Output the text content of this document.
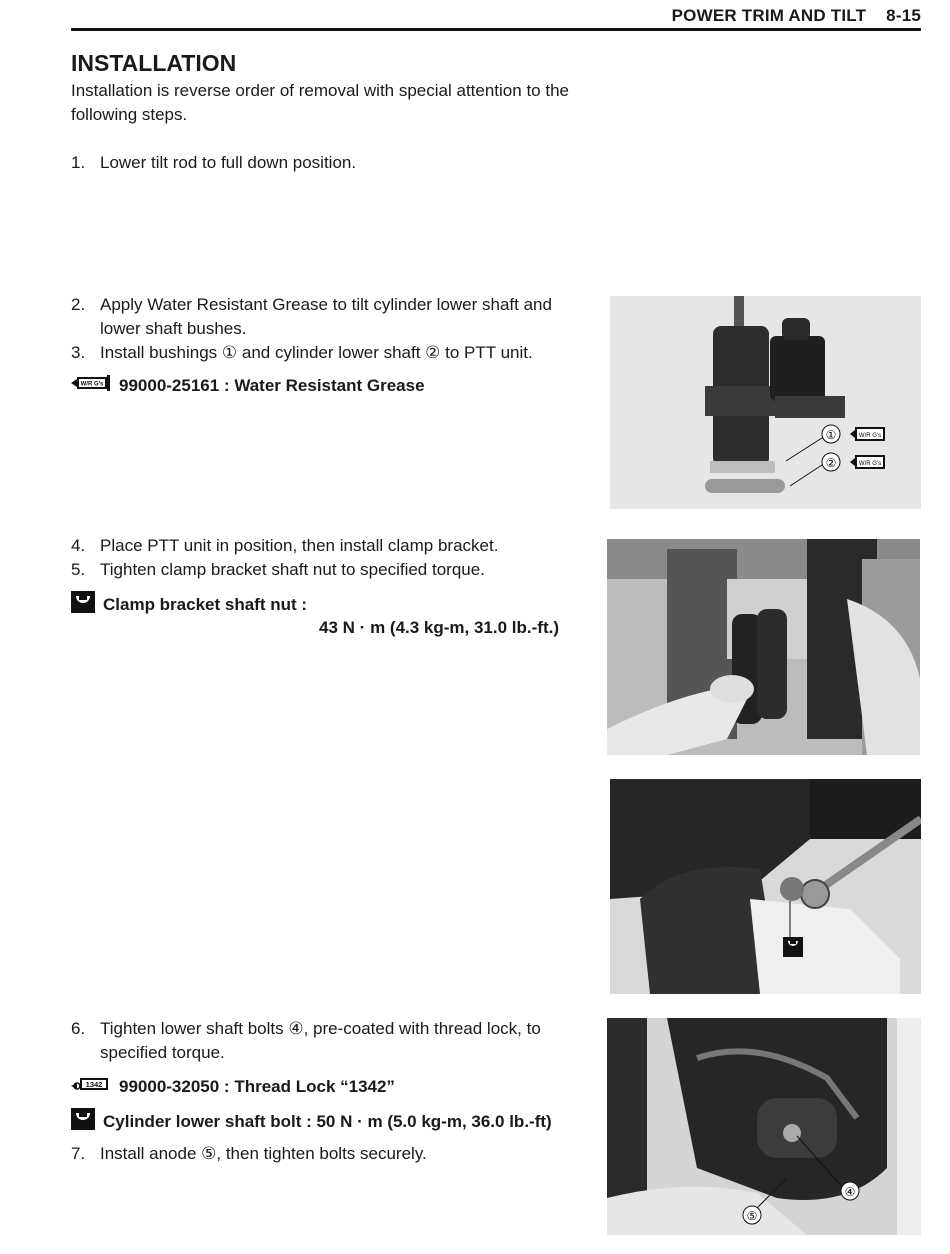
POWER TRIM AND TILT 8-15
INSTALLATION
Installation is reverse order of removal with special attention to the following steps.
1. Lower tilt rod to full down position.
2. Apply Water Resistant Grease to tilt cylinder lower shaft and lower shaft bushes.
3. Install bushings ① and cylinder lower shaft ② to PTT unit.
W/R G's 99000-25161 : Water Resistant Grease
4. Place PTT unit in position, then install clamp bracket.
5. Tighten clamp bracket shaft nut to specified torque.
Clamp bracket shaft nut :
43 N · m (4.3 kg-m, 31.0 lb.-ft.)
6. Tighten lower shaft bolts ④, pre-coated with thread lock, to specified torque.
1342 99000-32050 : Thread Lock “1342”
Cylinder lower shaft bolt : 50 N · m (5.0 kg-m, 36.0 lb.-ft)
7. Install anode ⑤, then tighten bolts securely.
①
②
W/R G's
W/R G's
④
⑤
